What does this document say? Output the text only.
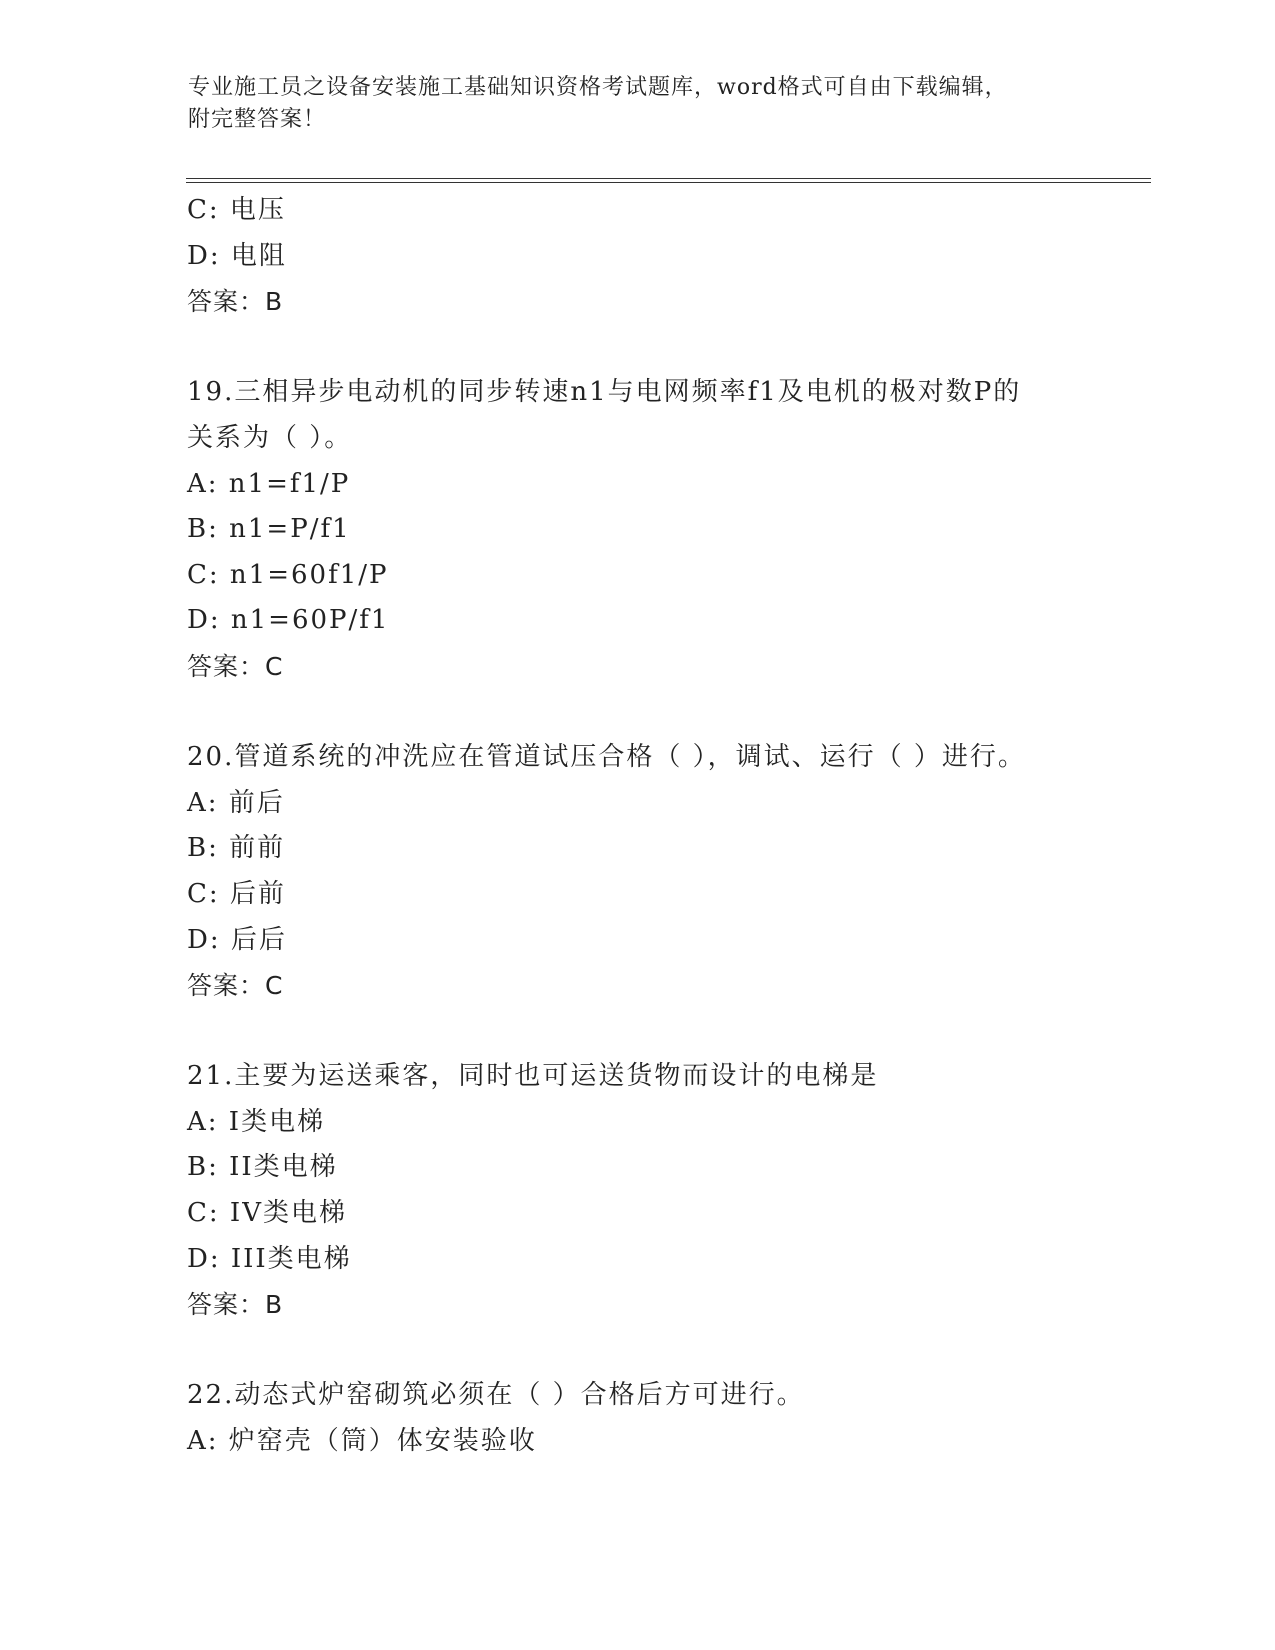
专业施工员之设备安装施工基础知识资格考试题库，word格式可自由下载编辑，
附完整答案！
C: 电压
D: 电阻
答案：B
19.三相异步电动机的同步转速n1与电网频率f1及电机的极对数P的
关系为（ ）。
A: n1=f1/P
B: n1=P/f1
C: n1=60f1/P
D: n1=60P/f1
答案：C
20.管道系统的冲洗应在管道试压合格（ ），调试、运行（ ）进行。
A: 前后
B: 前前
C: 后前
D: 后后
答案：C
21.主要为运送乘客，同时也可运送货物而设计的电梯是
A: I类电梯
B: II类电梯
C: IV类电梯
D: III类电梯
答案：B
22.动态式炉窑砌筑必须在（ ）合格后方可进行。
A: 炉窑壳（筒）体安装验收
